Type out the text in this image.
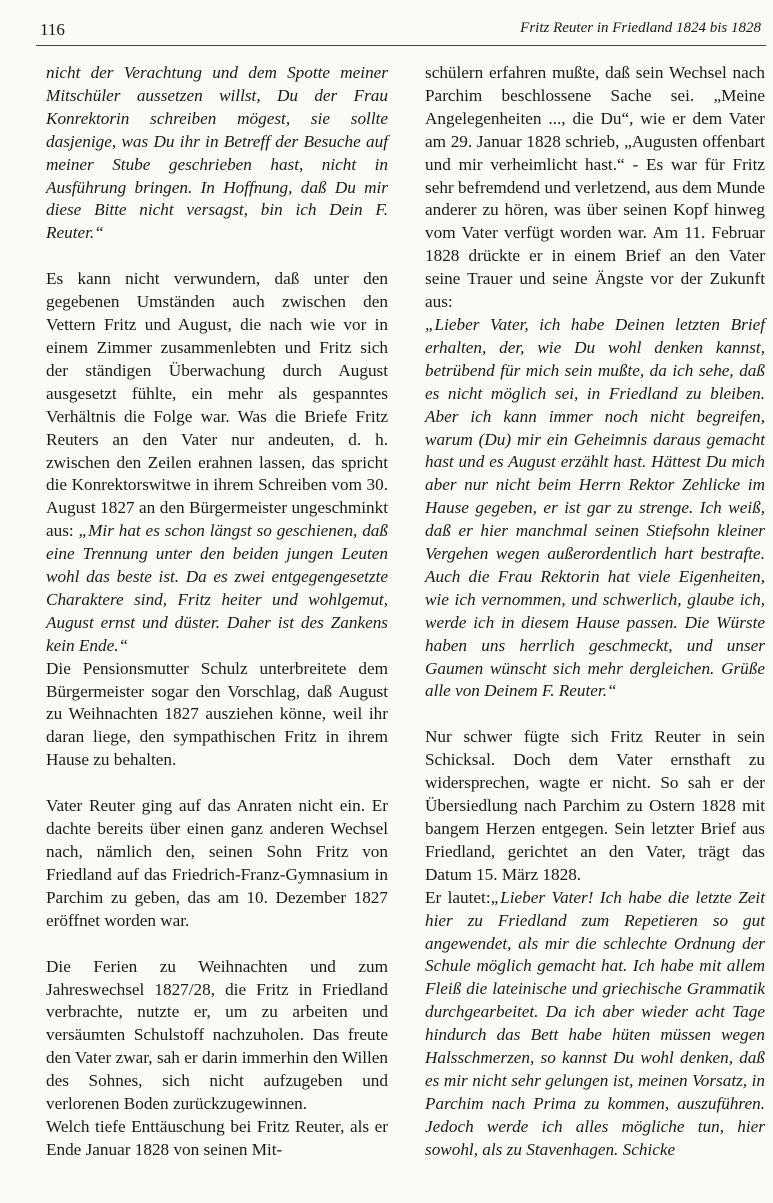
116	Fritz Reuter in Friedland 1824 bis 1828

nicht der Verachtung und dem Spotte meiner Mitschüler aussetzen willst, Du der Frau Konrektorin schreiben mögest, sie sollte dasjenige, was Du ihr in Betreff der Besuche auf meiner Stube geschrieben hast, nicht in Ausführung bringen. In Hoffnung, daß Du mir diese Bitte nicht versagst, bin ich Dein F. Reuter.“

Es kann nicht verwundern, daß unter den gegebenen Umständen auch zwischen den Vettern Fritz und August, die nach wie vor in einem Zimmer zusammenlebten und Fritz sich der ständigen Überwachung durch August ausgesetzt fühlte, ein mehr als gespanntes Verhältnis die Folge war. Was die Briefe Fritz Reuters an den Vater nur andeuten, d. h. zwischen den Zeilen erahnen lassen, das spricht die Konrektorswitwe in ihrem Schreiben vom 30. August 1827 an den Bürgermeister ungeschminkt aus: „Mir hat es schon längst so geschienen, daß eine Trennung unter den beiden jungen Leuten wohl das beste ist. Da es zwei entgegengesetzte Charaktere sind, Fritz heiter und wohlgemut, August ernst und düster. Daher ist des Zankens kein Ende.“

Die Pensionsmutter Schulz unterbreitete dem Bürgermeister sogar den Vorschlag, daß August zu Weihnachten 1827 ausziehen könne, weil ihr daran liege, den sympathischen Fritz in ihrem Hause zu behalten.

Vater Reuter ging auf das Anraten nicht ein. Er dachte bereits über einen ganz anderen Wechsel nach, nämlich den, seinen Sohn Fritz von Friedland auf das Friedrich-Franz-Gymnasium in Parchim zu geben, das am 10. Dezember 1827 eröffnet worden war.

Die Ferien zu Weihnachten und zum Jahreswechsel 1827/28, die Fritz in Friedland verbrachte, nutzte er, um zu arbeiten und versäumten Schulstoff nachzuholen. Das freute den Vater zwar, sah er darin immerhin den Willen des Sohnes, sich nicht aufzugeben und verlorenen Boden zurückzugewinnen.

Welch tiefe Enttäuschung bei Fritz Reuter, als er Ende Januar 1828 von seinen Mit-

schülern erfahren mußte, daß sein Wechsel nach Parchim beschlossene Sache sei. „Meine Angelegenheiten ..., die Du“, wie er dem Vater am 29. Januar 1828 schrieb, „Augusten offenbart und mir verheimlicht hast.“ - Es war für Fritz sehr befremdend und verletzend, aus dem Munde anderer zu hören, was über seinen Kopf hinweg vom Vater verfügt worden war. Am 11. Februar 1828 drückte er in einem Brief an den Vater seine Trauer und seine Ängste vor der Zukunft aus:

„Lieber Vater, ich habe Deinen letzten Brief erhalten, der, wie Du wohl denken kannst, betrübend für mich sein mußte, da ich sehe, daß es nicht möglich sei, in Friedland zu bleiben. Aber ich kann immer noch nicht begreifen, warum (Du) mir ein Geheimnis daraus gemacht hast und es August erzählt hast. Hättest Du mich aber nur nicht beim Herrn Rektor Zehlicke im Hause gegeben, er ist gar zu strenge. Ich weiß, daß er hier manchmal seinen Stiefsohn kleiner Vergehen wegen außerordentlich hart bestrafte. Auch die Frau Rektorin hat viele Eigenheiten, wie ich vernommen, und schwerlich, glaube ich, werde ich in diesem Hause passen. Die Würste haben uns herrlich geschmeckt, und unser Gaumen wünscht sich mehr dergleichen. Grüße alle von Deinem F. Reuter.“

Nur schwer fügte sich Fritz Reuter in sein Schicksal. Doch dem Vater ernsthaft zu widersprechen, wagte er nicht. So sah er der Übersiedlung nach Parchim zu Ostern 1828 mit bangem Herzen entgegen. Sein letzter Brief aus Friedland, gerichtet an den Vater, trägt das Datum 15. März 1828.

Er lautet:„Lieber Vater! Ich habe die letzte Zeit hier zu Friedland zum Repetieren so gut angewendet, als mir die schlechte Ordnung der Schule möglich gemacht hat. Ich habe mit allem Fleiß die lateinische und griechische Grammatik durchgearbeitet. Da ich aber wieder acht Tage hindurch das Bett habe hüten müssen wegen Halsschmerzen, so kannst Du wohl denken, daß es mir nicht sehr gelungen ist, meinen Vorsatz, in Parchim nach Prima zu kommen, auszuführen. Jedoch werde ich alles mögliche tun, hier sowohl, als zu Stavenhagen. Schicke
